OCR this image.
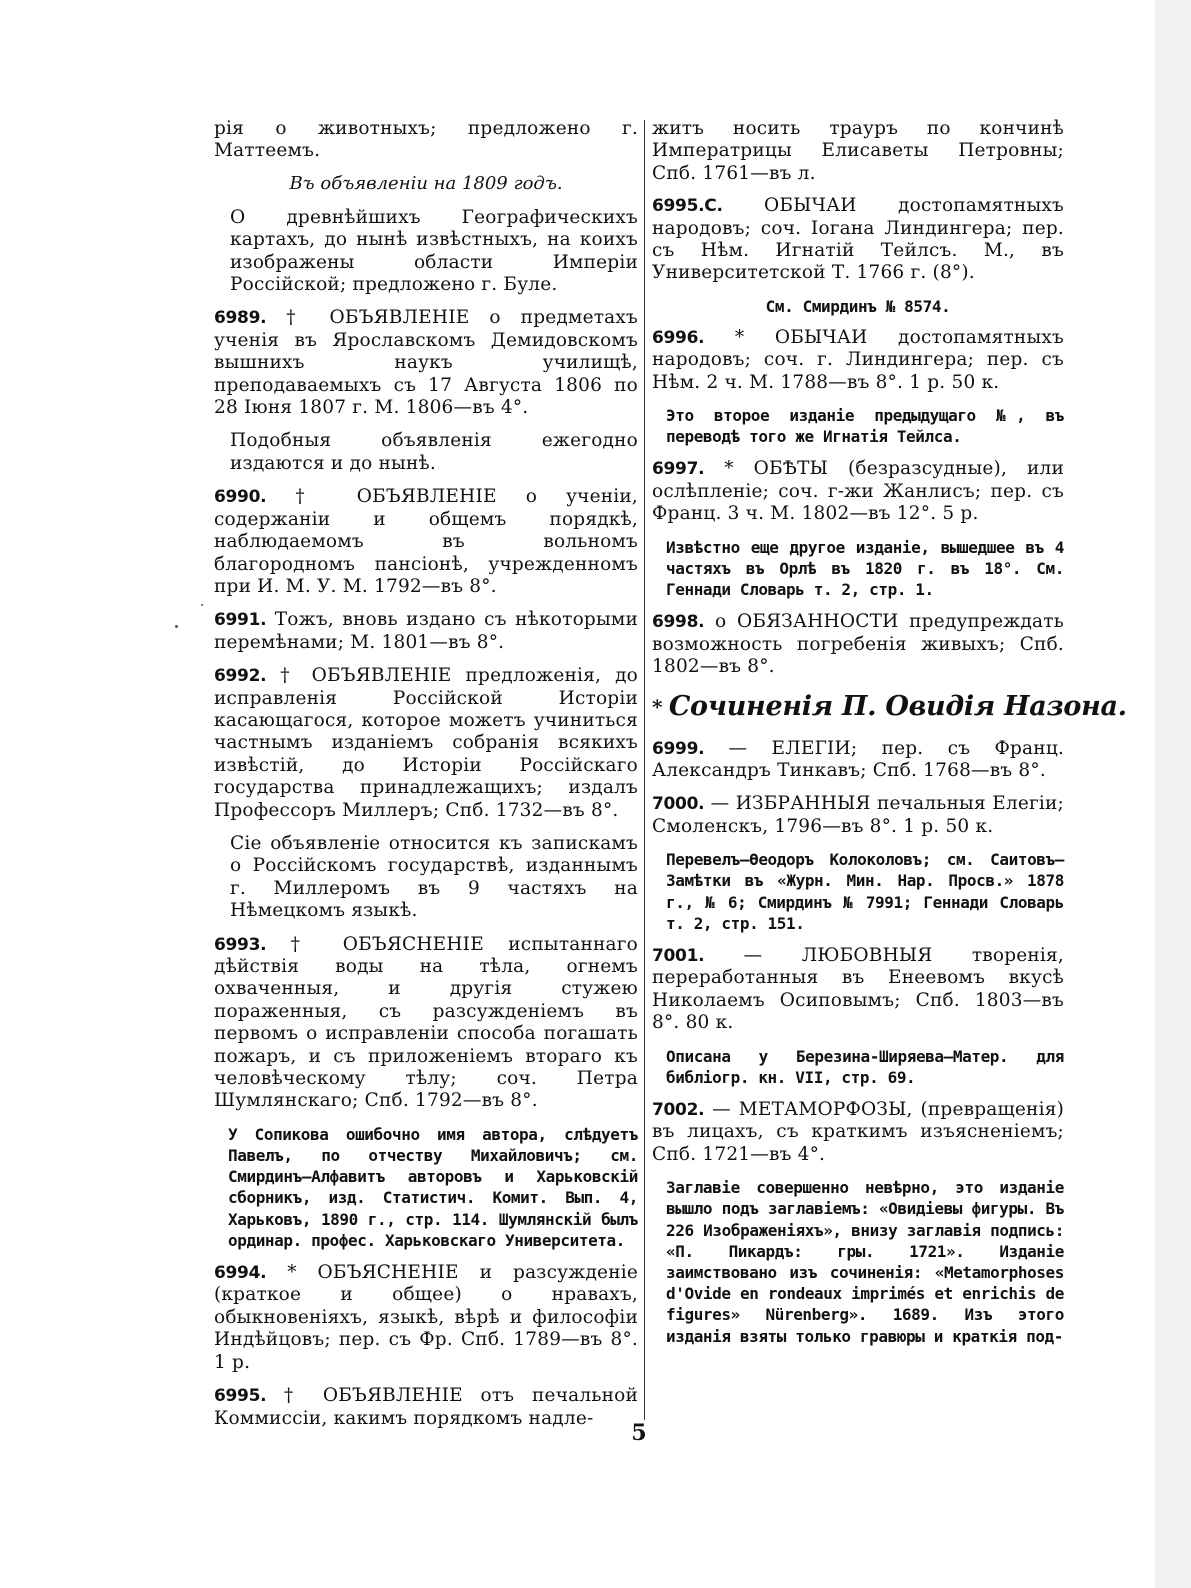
рія о животныхъ; предложено г. Маттеемъ.
Въ объявленіи на 1809 годъ.
О древнѣйшихъ Географическихъ картахъ, до нынѣ извѣстныхъ, на коихъ изображены области Имперіи Россійской; предложено г. Буле.
6989. † ОБЪЯВЛЕНІЕ о предметахъ ученія въ Ярославскомъ Демидовскомъ вышнихъ наукъ училищѣ, преподаваемыхъ съ 17 Августа 1806 по 28 Іюня 1807 г. М. 1806—въ 4°.
Подобныя объявленія ежегодно издаются и до нынѣ.
6990. † ОБЪЯВЛЕНІЕ о ученіи, содержаніи и общемъ порядкѣ, наблюдаемомъ въ вольномъ благородномъ пансіонѣ, учрежденномъ при И. М. У. М. 1792—въ 8°.
6991. Тожъ, вновь издано съ нѣкоторыми перемѣнами; М. 1801—въ 8°.
6992. † ОБЪЯВЛЕНІЕ предложенія, до исправленія Россійской Исторіи касающагося, которое можетъ учиниться частнымъ изданіемъ собранія всякихъ извѣстій, до Исторіи Россійскаго государства принадлежащихъ; издалъ Профессоръ Миллеръ; Спб. 1732—въ 8°.
Сіе объявленіе относится къ запискамъ о Россійскомъ государствѣ, изданнымъ г. Миллеромъ въ 9 частяхъ на Нѣмецкомъ языкѣ.
6993. † ОБЪЯСНЕНІЕ испытаннаго дѣйствія воды на тѣла, огнемъ охваченныя, и другія стужею пораженныя, съ разсужденіемъ въ первомъ о исправленіи способа погашать пожаръ, и съ приложеніемъ втораго къ человѣческому тѣлу; соч. Петра Шумлянскаго; Спб. 1792—въ 8°.
У Сопикова ошибочно имя автора, слѣдуетъ Павелъ, по отчеству Михайловичъ; см. Смирдинъ—Алфавитъ авторовъ и Харьковскій сборникъ, изд. Статистич. Комит. Вып. 4, Харьковъ, 1890 г., стр. 114. Шумлянскій былъ ординар. профес. Харьковскаго Университета.
6994. * ОБЪЯСНЕНІЕ и разсужденіе (краткое и общее) о нравахъ, обыкновеніяхъ, языкѣ, вѣрѣ и философіи Индѣйцовъ; пер. съ Фр. Спб. 1789—въ 8°. 1 р.
6995. † ОБЪЯВЛЕНІЕ отъ печальной Коммиссіи, какимъ порядкомъ надле-
житъ носить трауръ по кончинѣ Императрицы Елисаветы Петровны; Спб. 1761—въ л.
6995.С. ОБЫЧАИ достопамятныхъ народовъ; соч. Іогана Линдингера; пер. съ Нѣм. Игнатій Тейлсъ. М., въ Университетской Т. 1766 г. (8°).
См. Смирдинъ № 8574.
6996. * ОБЫЧАИ достопамятныхъ народовъ; соч. г. Линдингера; пер. съ Нѣм. 2 ч. М. 1788—въ 8°. 1 р. 50 к.
Это второе изданіе предыдущаго №, въ переводѣ того же Игнатія Тейлса.
6997. * ОБѢТЫ (безразсудные), или ослѣпленіе; соч. г-жи Жанлисъ; пер. съ Франц. 3 ч. М. 1802—въ 12°. 5 р.
Извѣстно еще другое изданіе, вышедшее въ 4 частяхъ въ Орлѣ въ 1820 г. въ 18°. См. Геннади Словарь т. 2, стр. 1.
6998. о ОБЯЗАННОСТИ предупреждать возможность погребенія живыхъ; Спб. 1802—въ 8°.
* Сочиненія П. Овидія Назона.
6999. — ЕЛЕГІИ; пер. съ Франц. Александръ Тинкавъ; Спб. 1768—въ 8°.
7000. — ИЗБРАННЫЯ печальныя Елегіи; Смоленскъ, 1796—въ 8°. 1 р. 50 к.
Перевелъ—Ѳеодоръ Колоколовъ; см. Саитовъ—Замѣтки въ «Журн. Мин. Нар. Просв.» 1878 г., № 6; Смирдинъ № 7991; Геннади Словарь т. 2, стр. 151.
7001. — ЛЮБОВНЫЯ творенія, переработанныя въ Енеевомъ вкусѣ Николаемъ Осиповымъ; Спб. 1803—въ 8°. 80 к.
Описана у Березина-Ширяева—Матер. для библіогр. кн. VII, стр. 69.
7002. — МЕТАМОРФОЗЫ, (превращенія) въ лицахъ, съ краткимъ изъясненіемъ; Спб. 1721—въ 4°.
Заглавіе совершенно невѣрно, это изданіе вышло подъ заглавіемъ: «Овидіевы фигуры. Въ 226 Изображеніяхъ», внизу заглавія подпись: «П. Пикардъ: гры. 1721». Изданіе заимствовано изъ сочиненія: «Metamorphoses d'Ovide en rondeaux imprimés et enrichis de figures» Nürenberg». 1689. Изъ этого изданія взяты только гравюры и краткія под-
5
